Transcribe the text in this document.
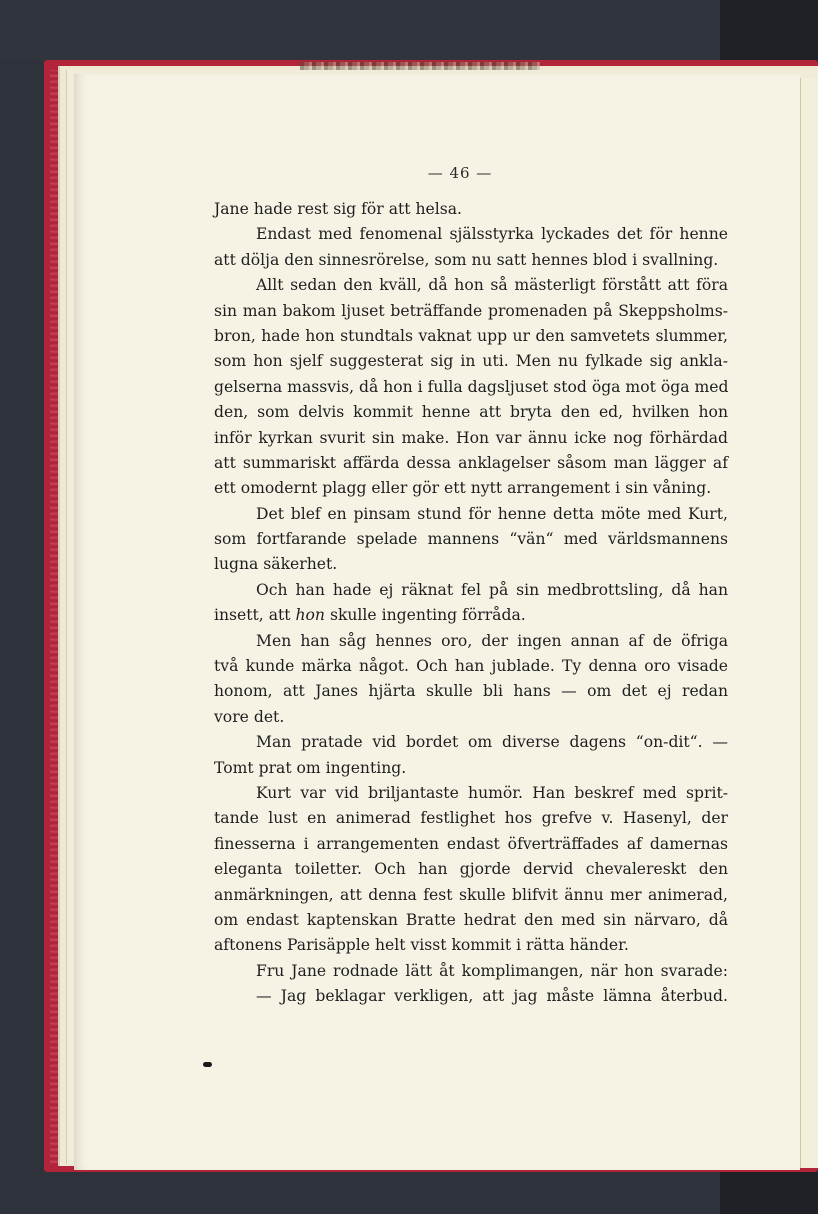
— 46 —
Jane hade rest sig för att helsa.
Endast med fenomenal själsstyrka lyckades det för henne
att dölja den sinnesrörelse, som nu satt hennes blod i svallning.
Allt sedan den kväll, då hon så mästerligt förstått att föra
sin man bakom ljuset beträffande promenaden på Skeppsholms-
bron, hade hon stundtals vaknat upp ur den samvetets slummer,
som hon sjelf suggesterat sig in uti. Men nu fylkade sig ankla-
gelserna massvis, då hon i fulla dagsljuset stod öga mot öga med
den, som delvis kommit henne att bryta den ed, hvilken hon
inför kyrkan svurit sin make. Hon var ännu icke nog förhärdad
att summariskt affärda dessa anklagelser såsom man lägger af
ett omodernt plagg eller gör ett nytt arrangement i sin våning.
Det blef en pinsam stund för henne detta möte med Kurt,
som fortfarande spelade mannens “vän“ med världsmannens
lugna säkerhet.
Och han hade ej räknat fel på sin medbrottsling, då han
insett, att hon skulle ingenting förråda.
Men han såg hennes oro, der ingen annan af de öfriga
två kunde märka något. Och han jublade. Ty denna oro visade
honom, att Janes hjärta skulle bli hans — om det ej redan
vore det.
Man pratade vid bordet om diverse dagens “on-dit“. —
Tomt prat om ingenting.
Kurt var vid briljantaste humör. Han beskref med sprit-
tande lust en animerad festlighet hos grefve v. Hasenyl, der
finesserna i arrangementen endast öfverträffades af damernas
eleganta toiletter. Och han gjorde dervid chevalereskt den
anmärkningen, att denna fest skulle blifvit ännu mer animerad,
om endast kaptenskan Bratte hedrat den med sin närvaro, då
aftonens Parisäpple helt visst kommit i rätta händer.
Fru Jane rodnade lätt åt komplimangen, när hon svarade:
— Jag beklagar verkligen, att jag måste lämna återbud.
